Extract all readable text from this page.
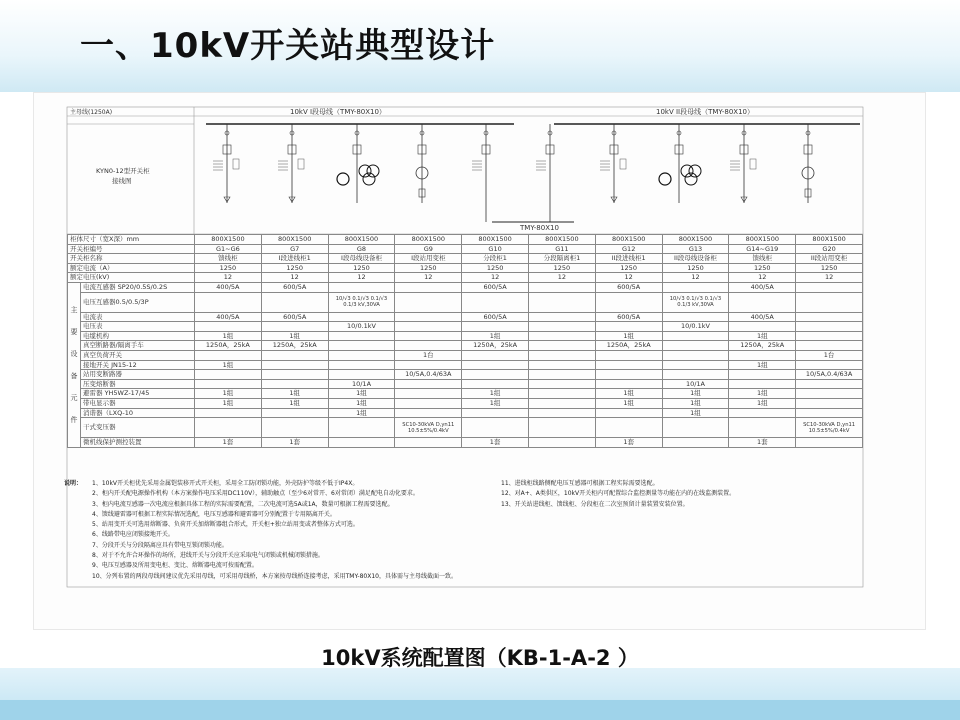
一、10kV开关站典型设计
TMY-80X10
主母线(1250A)	10kV I段母线（TMY-80X10）	10kV II段母线（TMY-80X10）
KYN0-12型开关柜
接线图
柜体尺寸（宽X深）mm		800X1500	800X1500	800X1500	800X1500	800X1500	800X1500	800X1500	800X1500	800X1500	800X1500
开关柜编号		G1~G6	G7	G8	G9	G10	G11	G12	G13	G14~G19	G20
开关柜名称		馈线柜	I段进线柜1	I段母线设备柜	I段站用变柜	分段柜1	分段隔离柜1	II段进线柜1	II段母线设备柜	馈线柜	II段站用变柜
额定电流（A）		1250	1250	1250	1250	1250	1250	1250	1250	1250	1250
额定电压(kV)		12	12	12	12	12	12	12	12	12	12
主要设备元件	电流互感器 SP20/0.5S/0.2S	400/5A	600/5A			600/5A		600/5A		400/5A	
	电压互感器0.5/0.5/3P			10/√3 0.1/√3 0.1/√3 0.1/3 kV,30VA					10/√3 0.1/√3 0.1/√3 0.1/3 kV,30VA		
	电流表	400/5A	600/5A			600/5A		600/5A		400/5A	
	电压表			10/0.1kV					10/0.1kV		
	电缆机构	1组	1组			1组		1组		1组	
	真空断路器/隔离手车	1250A，25kA	1250A，25kA			1250A，25kA		1250A，25kA		1250A，25kA	
	真空负荷开关				1台						1台
	接地开关 JN15-12	1组								1组	
	站用变断路器				10/5A,0.4/63A						10/5A,0.4/63A
	压变熔断器			10/1A					10/1A		
	避雷器 YH5WZ-17/45	1组	1组	1组		1组		1组	1组	1组	
	带电显示器	1组	1组	1组		1组		1组	1组	1组	
	消谐器（LXQ-10			1组					1组		
	干式变压器				SC10-30kVA D,yn11 10.5±5%/0.4kV						SC10-30kVA D,yn11 10.5±5%/0.4kV
	微机线保护测控装置	1套	1套			1套		1套		1套	
说明：	1、10kV开关柜优先采用金属铠装移开式开关柜，采用全工防闭锁功能，外壳防护等级不低于IP4X。
2、柜内开关配电源操作机构（本方案操作电压采用DC110V），辅助触点（至少6对常开、6对常闭）满足配电自动化要求。
3、柜内电流互感器一次电流应根据具体工程的实际需要配置，二次电流可选5A或1A，数量可根据工程需要选配。
4、馈线避雷器可根据工程实际情况选配，电压互感器和避雷器可分别配置于专用隔离开关。
5、站用变开关可选用熔断器、负荷开关加熔断器组合形式，开关柜+独立站用变或者整体方式可选。
6、线路带电应闭锁接地开关。
7、分段开关与分段隔离应具有带电互锁闭锁功能。
8、对于不允许合环操作的场所，进线开关与分段开关应采取电气闭锁或机械闭锁措施。
9、电压互感器及所用变电柜、变比、熔断器电流可按需配置。
10、分列布置的两段母线间建议优先采用母线，可采用母线桥，本方案按母线桥连接考虑，采用TMY-80X10，具体需与主母线截面一致。
11、进线柜线路侧配电压互感器可根据工程实际需要选配。
12、对A+、A类供区，10kV开关柜内可配置综合监控测量等功能在内的在线监测装置。
13、开关站进线柜、馈线柜、分段柜在二次室预留计量装置安装位置。
10kV系统配置图（KB-1-A-2 ）
